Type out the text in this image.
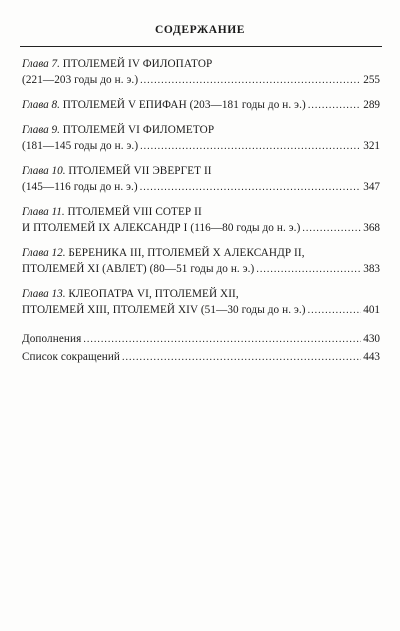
СОДЕРЖАНИЕ
Глава 7.
ПТОЛЕМЕЙ IV ФИЛОПАТОР
(221—203 годы до н. э.) .....	255
Глава 8.
ПТОЛЕМЕЙ V ЕПИФАН (203—181 годы до н. э.) .....	289
Глава 9.
ПТОЛЕМЕЙ VI ФИЛОМЕТОР
(181—145 годы до н. э.) .....	321
Глава 10.
ПТОЛЕМЕЙ VII ЭВЕРГЕТ II
(145—116 годы до н. э.) .....	347
Глава 11.
ПТОЛЕМЕЙ VIII СОТЕР II
И ПТОЛЕМЕЙ IX АЛЕКСАНДР I (116—80 годы до н. э.) .....	368
Глава 12.
БЕРЕНИКА III, ПТОЛЕМЕЙ X АЛЕКСАНДР II,
ПТОЛЕМЕЙ XI (АВЛЕТ) (80—51 годы до н. э.) .....	383
Глава 13.
КЛЕОПАТРА VI, ПТОЛЕМЕЙ XII,
ПТОЛЕМЕЙ XIII, ПТОЛЕМЕЙ XIV (51—30 годы до н. э.) .....	401
Дополнения .....	430
Список сокращений .....	443
